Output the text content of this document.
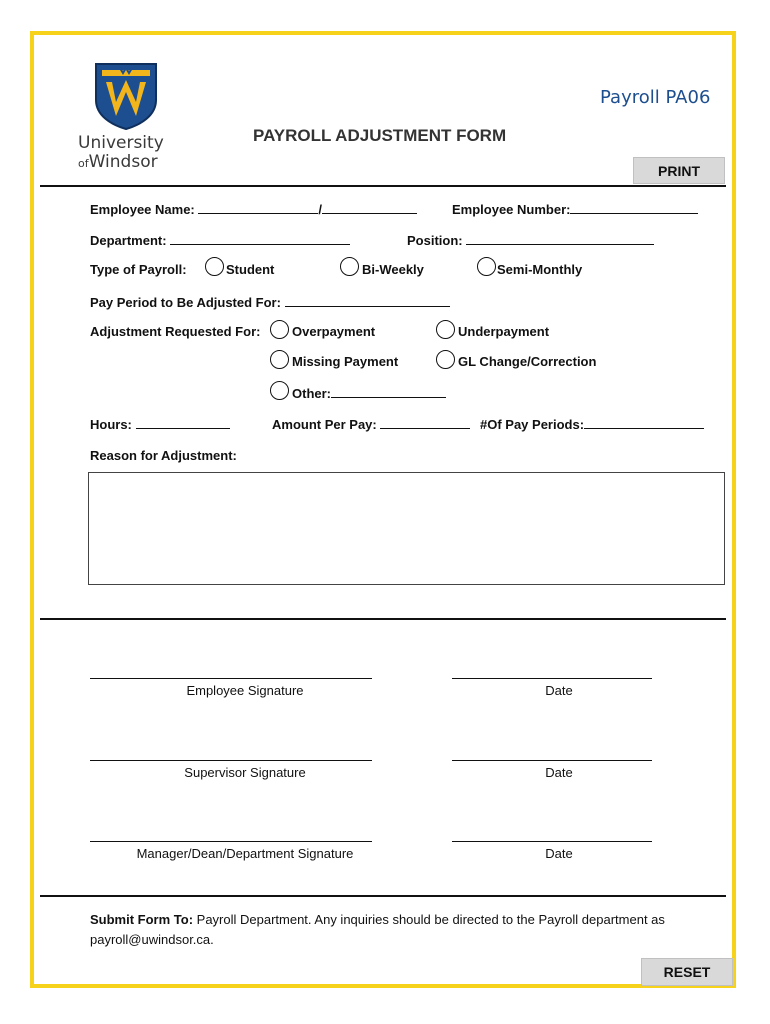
University
ofWindsor
Payroll PA06
PAYROLL ADJUSTMENT FORM
PRINT
Employee Name:	/	Employee Number:
Department:	Position:
Type of Payroll:	Student	Bi-Weekly	Semi-Monthly
Pay Period to Be Adjusted For:
Adjustment Requested For: Overpayment	Underpayment
Missing Payment	GL Change/Correction
Other:
Hours:	Amount Per Pay:	#Of Pay Periods:
Reason for Adjustment:
Employee Signature	Date
Supervisor Signature	Date
Manager/Dean/Department Signature	Date
Submit Form To: Payroll Department. Any inquiries should be directed to the Payroll department as payroll@uwindsor.ca.
RESET
